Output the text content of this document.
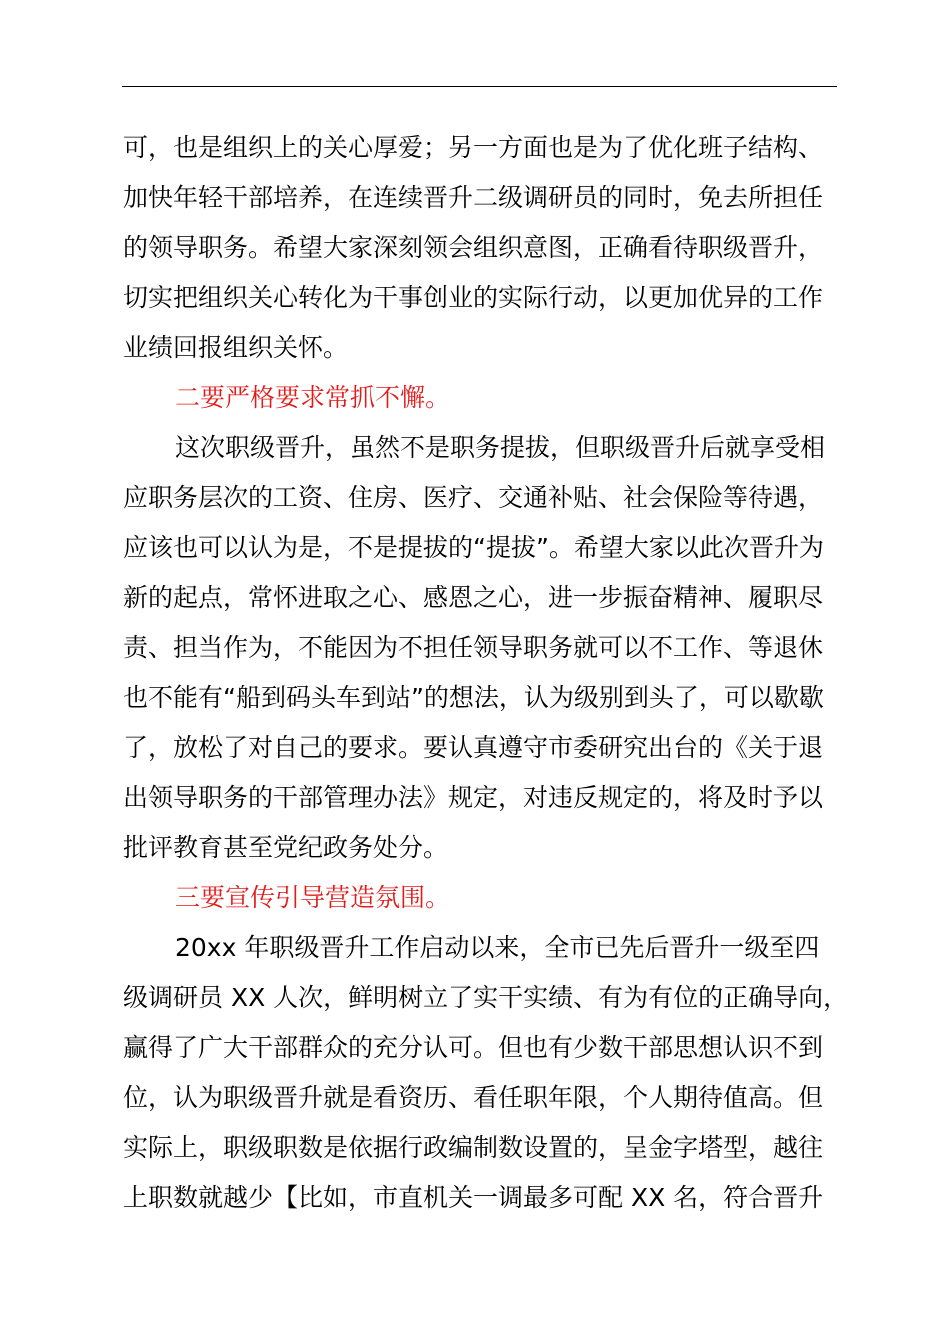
可，也是组织上的关心厚爱；另一方面也是为了优化班子结构、
加快年轻干部培养，在连续晋升二级调研员的同时，免去所担任
的领导职务。希望大家深刻领会组织意图，正确看待职级晋升，
切实把组织关心转化为干事创业的实际行动，以更加优异的工作
业绩回报组织关怀。
二要严格要求常抓不懈。
这次职级晋升，虽然不是职务提拔，但职级晋升后就享受相
应职务层次的工资、住房、医疗、交通补贴、社会保险等待遇，
应该也可以认为是，不是提拔的“提拔”。希望大家以此次晋升为
新的起点，常怀进取之心、感恩之心，进一步振奋精神、履职尽
责、担当作为，不能因为不担任领导职务就可以不工作、等退休
也不能有“船到码头车到站”的想法，认为级别到头了，可以歇歇
了，放松了对自己的要求。要认真遵守市委研究出台的《关于退
出领导职务的干部管理办法》规定，对违反规定的，将及时予以
批评教育甚至党纪政务处分。
三要宣传引导营造氛围。
20xx 年职级晋升工作启动以来，全市已先后晋升一级至四
级调研员 XX 人次，鲜明树立了实干实绩、有为有位的正确导向，
赢得了广大干部群众的充分认可。但也有少数干部思想认识不到
位，认为职级晋升就是看资历、看任职年限，个人期待值高。但
实际上，职级职数是依据行政编制数设置的，呈金字塔型，越往
上职数就越少【比如，市直机关一调最多可配 XX 名，符合晋升
